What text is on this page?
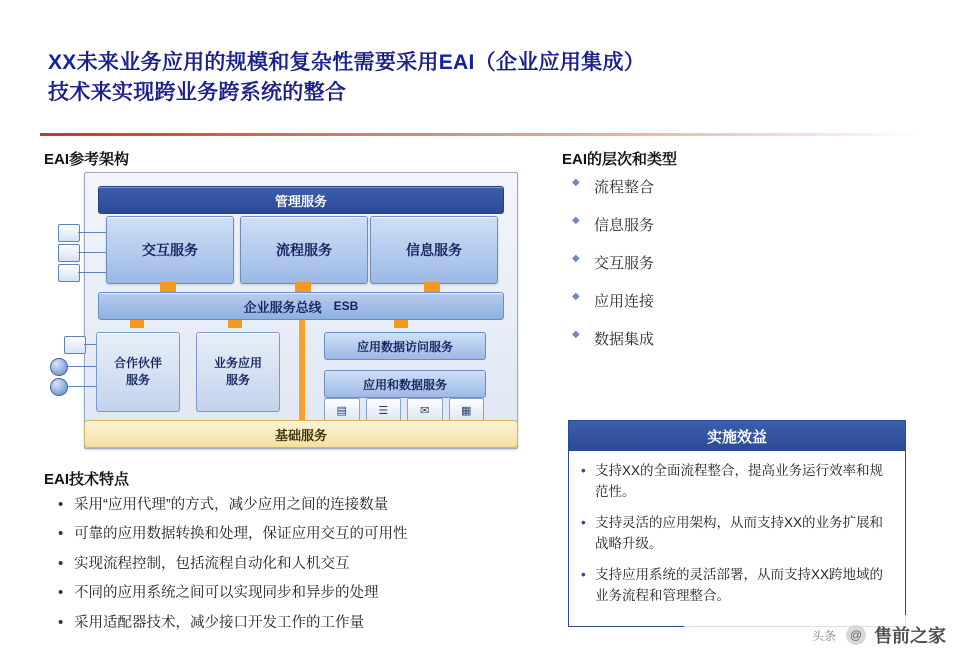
XX未来业务应用的规模和复杂性需要采用EAI（企业应用集成）
技术来实现跨业务跨系统的整合
EAI参考架构	EAI的层次和类型
EAI技术特点
管理服务
交互服务	流程服务	信息服务
企业服务总线 ESB
合作伙伴
服务
业务应用
服务
应用数据访问服务
应用和数据服务
▤	☰	✉	▦
基础服务
◆ 流程整合
◆ 信息服务
◆ 交互服务
◆ 应用连接
◆ 数据集成
实施效益
• 支持XX的全面流程整合，提高业务运行效率和规范性。
• 支持灵活的应用架构，从而支持XX的业务扩展和战略升级。
• 支持应用系统的灵活部署，从而支持XX跨地域的业务流程和管理整合。
• 采用“应用代理”的方式，减少应用之间的连接数量
• 可靠的应用数据转换和处理，保证应用交互的可用性
• 实现流程控制，包括流程自动化和人机交互
• 不同的应用系统之间可以实现同步和异步的处理
• 采用适配器技术，减少接口开发工作的工作量
头条	@ 售前之家
